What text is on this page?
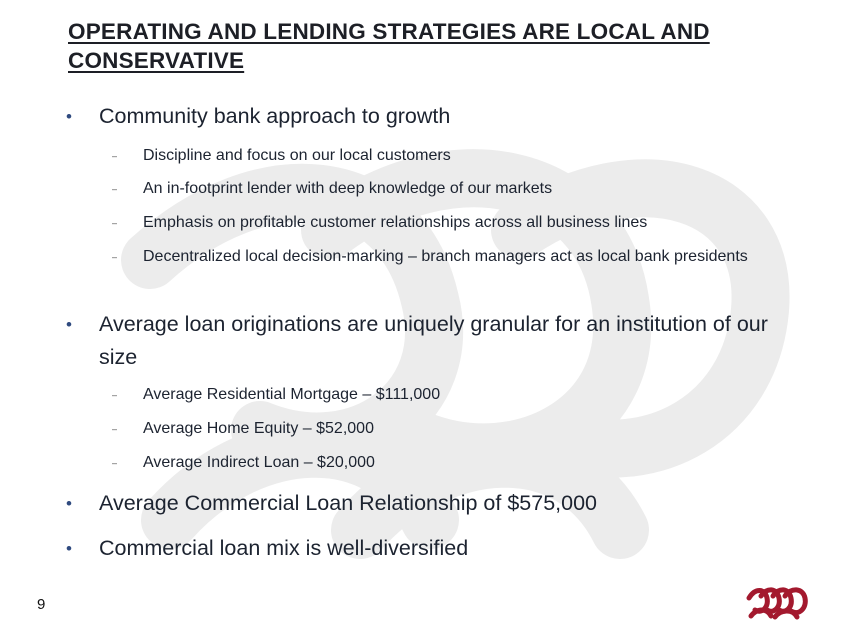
OPERATING AND LENDING STRATEGIES ARE LOCAL AND CONSERVATIVE
• Community bank approach to growth
– Discipline and focus on our local customers
– An in-footprint lender with deep knowledge of our markets
– Emphasis on profitable customer relationships across all business lines
– Decentralized local decision-marking – branch managers act as local bank presidents
• Average loan originations are uniquely granular for an institution of our size
– Average Residential Mortgage – $111,000
– Average Home Equity – $52,000
– Average Indirect Loan – $20,000
• Average Commercial Loan Relationship of $575,000
• Commercial loan mix is well-diversified
9
